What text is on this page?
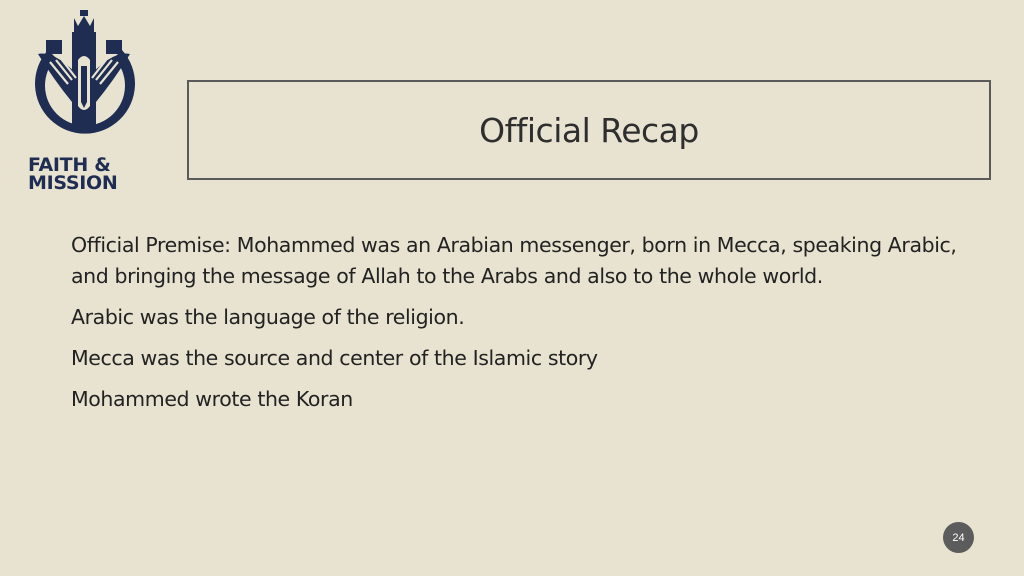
FAITH &
MISSION
Official Recap

Official Premise: Mohammed was an Arabian messenger, born in Mecca, speaking Arabic, and bringing the message of Allah to the Arabs and also to the whole world.

Arabic was the language of the religion.

Mecca was the source and center of the Islamic story

Mohammed wrote the Koran

24
